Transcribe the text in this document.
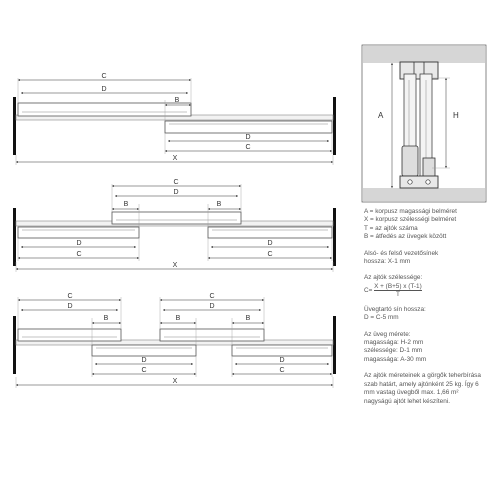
C
D
B
D
C
X
C
D
B	B
D
C
D
C
X
C
D
C
D
B	B	B
D
C
D
C
X
A	H

A = korpusz magassági belméret
X = korpusz szélességi belméret
T = az ajtók száma
B = átfedés az üvegek között

Alsó- és felső vezetősínek
hossza: X-1 mm

Az ajtók szélessége:
$C= \frac{X + (B+5) x (T-1)}{T}$

Üvegtartó sín hossza:
D = C-5 mm

Az üveg mérete:
magassága: H-2 mm
szélessége: D-1 mm
magassága: A-30 mm

Az ajtók méreteinek a görgők teherbírása szab határt, amely ajtónként 25 kg. Így 6 mm vastag üvegből max. 1,66 m² nagyságú ajtót lehet készíteni.
